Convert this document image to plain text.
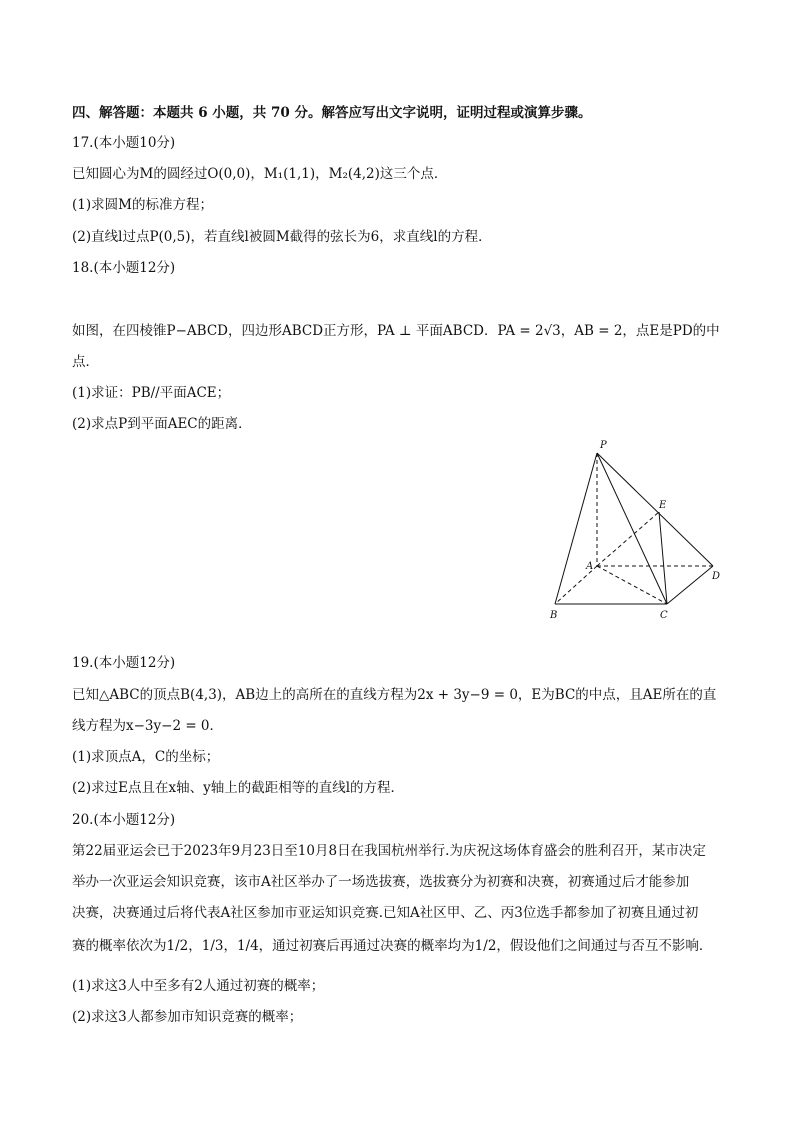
四、解答题：本题共 6 小题，共 70 分。解答应写出文字说明，证明过程或演算步骤。
17.(本小题10分)
已知圆心为M的圆经过O(0,0)，M₁(1,1)，M₂(4,2)这三个点．
(1)求圆M的标准方程；
(2)直线l过点P(0,5)，若直线l被圆M截得的弦长为6，求直线l的方程．
18.(本小题12分)
如图，在四棱锥P−ABCD，四边形ABCD正方形，PA ⊥ 平面ABCD．PA = 2√3，AB = 2，点E是PD的中
点．
(1)求证：PB//平面ACE；
(2)求点P到平面AEC的距离．
P
E
A
D
B	C
19.(本小题12分)
已知△ABC的顶点B(4,3)，AB边上的高所在的直线方程为2x + 3y−9 = 0，E为BC的中点，且AE所在的直
线方程为x−3y−2 = 0．
(1)求顶点A，C的坐标；
(2)求过E点且在x轴、y轴上的截距相等的直线l的方程．
20.(本小题12分)
第22届亚运会已于2023年9月23日至10月8日在我国杭州举行.为庆祝这场体育盛会的胜利召开，某市决定
举办一次亚运会知识竞赛，该市A社区举办了一场选拔赛，选拔赛分为初赛和决赛，初赛通过后才能参加
决赛，决赛通过后将代表A社区参加市亚运知识竞赛.已知A社区甲、乙、丙3位选手都参加了初赛且通过初
赛的概率依次为1/2，1/3，1/4，通过初赛后再通过决赛的概率均为1/2，假设他们之间通过与否互不影响．
(1)求这3人中至多有2人通过初赛的概率；
(2)求这3人都参加市知识竞赛的概率；
